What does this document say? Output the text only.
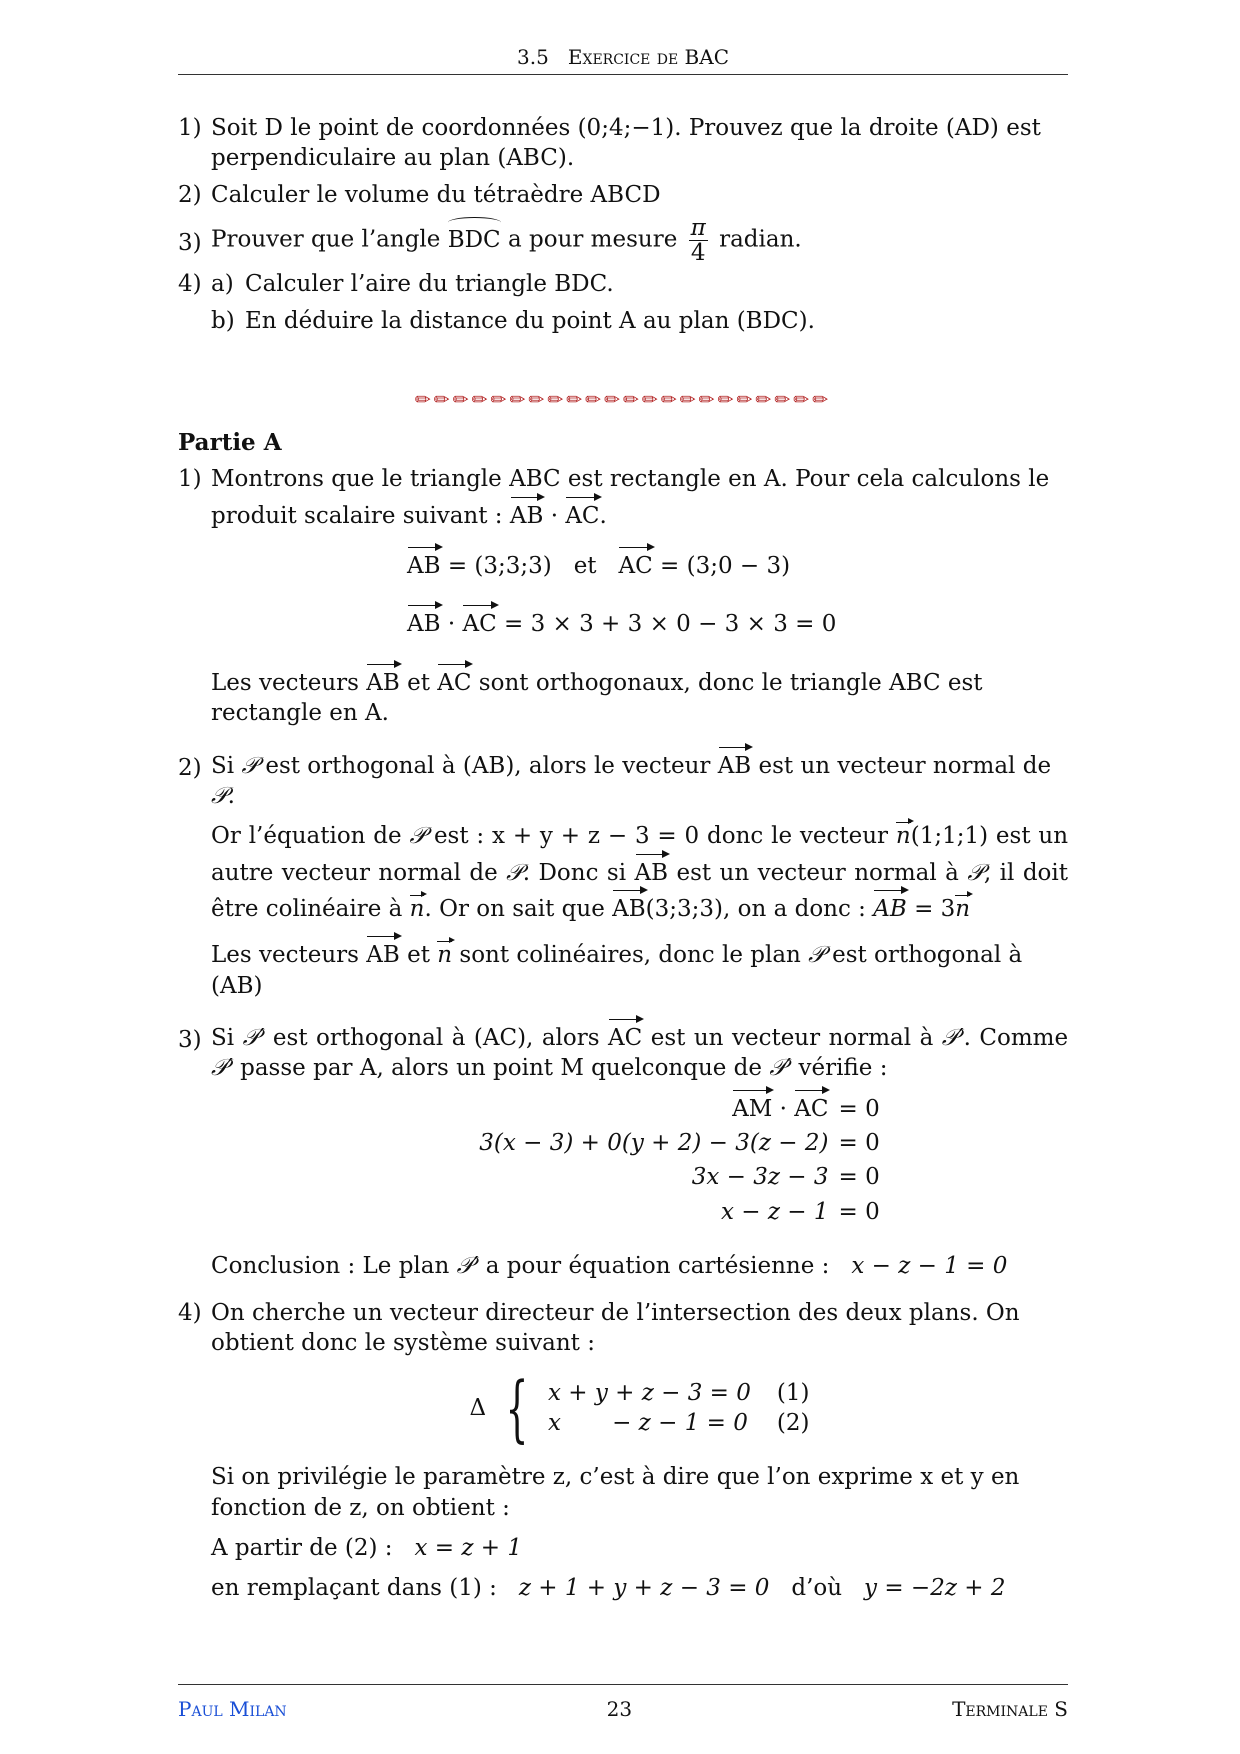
3.5 Exercice de BAC
1) Soit D le point de coordonnées (0;4;−1). Prouvez que la droite (AD) est perpendiculaire au plan (ABC).
2) Calculer le volume du tétraèdre ABCD
3) Prouver que l’angle BDC a pour mesure $\frac{\pi}{4}$ radian.
4) a) Calculer l’aire du triangle BDC.
b) En déduire la distance du point A au plan (BDC).
✏✏✏✏✏✏✏✏✏✏✏✏✏✏✏✏✏✏✏✏✏✏
Partie A
1) Montrons que le triangle ABC est rectangle en A. Pour cela calculons le produit scalaire suivant : AB · AC.
AB = (3;3;3)   et AC = (3;0 − 3)
AB · AC = 3 × 3 + 3 × 0 − 3 × 3 = 0
Les vecteurs AB et AC sont orthogonaux, donc le triangle ABC est rectangle en A.
2) Si 𝒫 est orthogonal à (AB), alors le vecteur AB est un vecteur normal de 𝒫.
Or l’équation de 𝒫 est : x + y + z − 3 = 0 donc le vecteur n(1;1;1) est un autre vecteur normal de 𝒫. Donc si AB est un vecteur normal à 𝒫, il doit être colinéaire à n. Or on sait que AB(3;3;3), on a donc : AB = 3n
Les vecteurs AB et n sont colinéaires, donc le plan 𝒫 est orthogonal à (AB)
3) Si 𝒫′ est orthogonal à (AC), alors AC est un vecteur normal à 𝒫′. Comme 𝒫′ passe par A, alors un point M quelconque de 𝒫′ vérifie :
AM · AC = 0
3(x − 3) + 0(y + 2) − 3(z − 2) = 0
3x − 3z − 3 = 0
x − z − 1 = 0
Conclusion : Le plan 𝒫′ a pour équation cartésienne : x − z − 1 = 0
4) On cherche un vecteur directeur de l’intersection des deux plans. On obtient donc le système suivant :
Δ { x + y + z − 3 = 0 (1)
x       − z − 1 = 0 (2)
Si on privilégie le paramètre z, c’est à dire que l’on exprime x et y en fonction de z, on obtient :
A partir de (2) : x = z + 1
en remplaçant dans (1) : z + 1 + y + z − 3 = 0 d’où y = −2z + 2
Paul Milan	23	Terminale S
